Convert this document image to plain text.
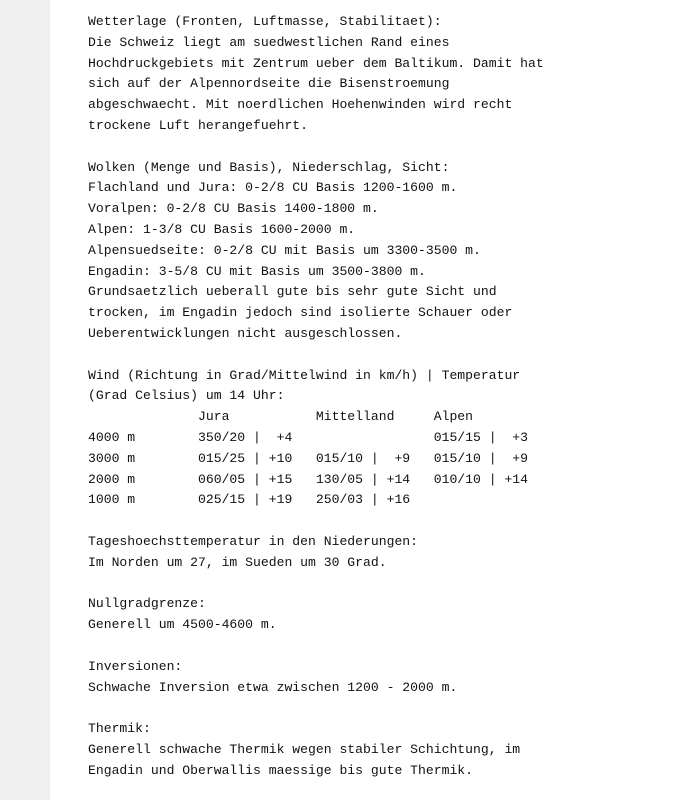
Wetterlage (Fronten, Luftmasse, Stabilitaet):
Die Schweiz liegt am suedwestlichen Rand eines
Hochdruckgebiets mit Zentrum ueber dem Baltikum. Damit hat
sich auf der Alpennordseite die Bisenstroemung
abgeschwaecht. Mit noerdlichen Hoehenwinden wird recht
trockene Luft herangefuehrt.
Wolken (Menge und Basis), Niederschlag, Sicht:
Flachland und Jura: 0-2/8 CU Basis 1200-1600 m.
Voralpen: 0-2/8 CU Basis 1400-1800 m.
Alpen: 1-3/8 CU Basis 1600-2000 m.
Alpensuedseite: 0-2/8 CU mit Basis um 3300-3500 m.
Engadin: 3-5/8 CU mit Basis um 3500-3800 m.
Grundsaetzlich ueberall gute bis sehr gute Sicht und
trocken, im Engadin jedoch sind isolierte Schauer oder
Ueberentwicklungen nicht ausgeschlossen.
Wind (Richtung in Grad/Mittelwind in km/h) | Temperatur
(Grad Celsius) um 14 Uhr:
Jura           Mittelland     Alpen
4000 m        350/20 |  +4                  015/15 |  +3
3000 m        015/25 | +10   015/10 |  +9   015/10 |  +9
2000 m        060/05 | +15   130/05 | +14   010/10 | +14
1000 m        025/15 | +19   250/03 | +16
Tageshoechsttemperatur in den Niederungen:
Im Norden um 27, im Sueden um 30 Grad.
Nullgradgrenze:
Generell um 4500-4600 m.
Inversionen:
Schwache Inversion etwa zwischen 1200 - 2000 m.
Thermik:
Generell schwache Thermik wegen stabiler Schichtung, im
Engadin und Oberwallis maessige bis gute Thermik.
